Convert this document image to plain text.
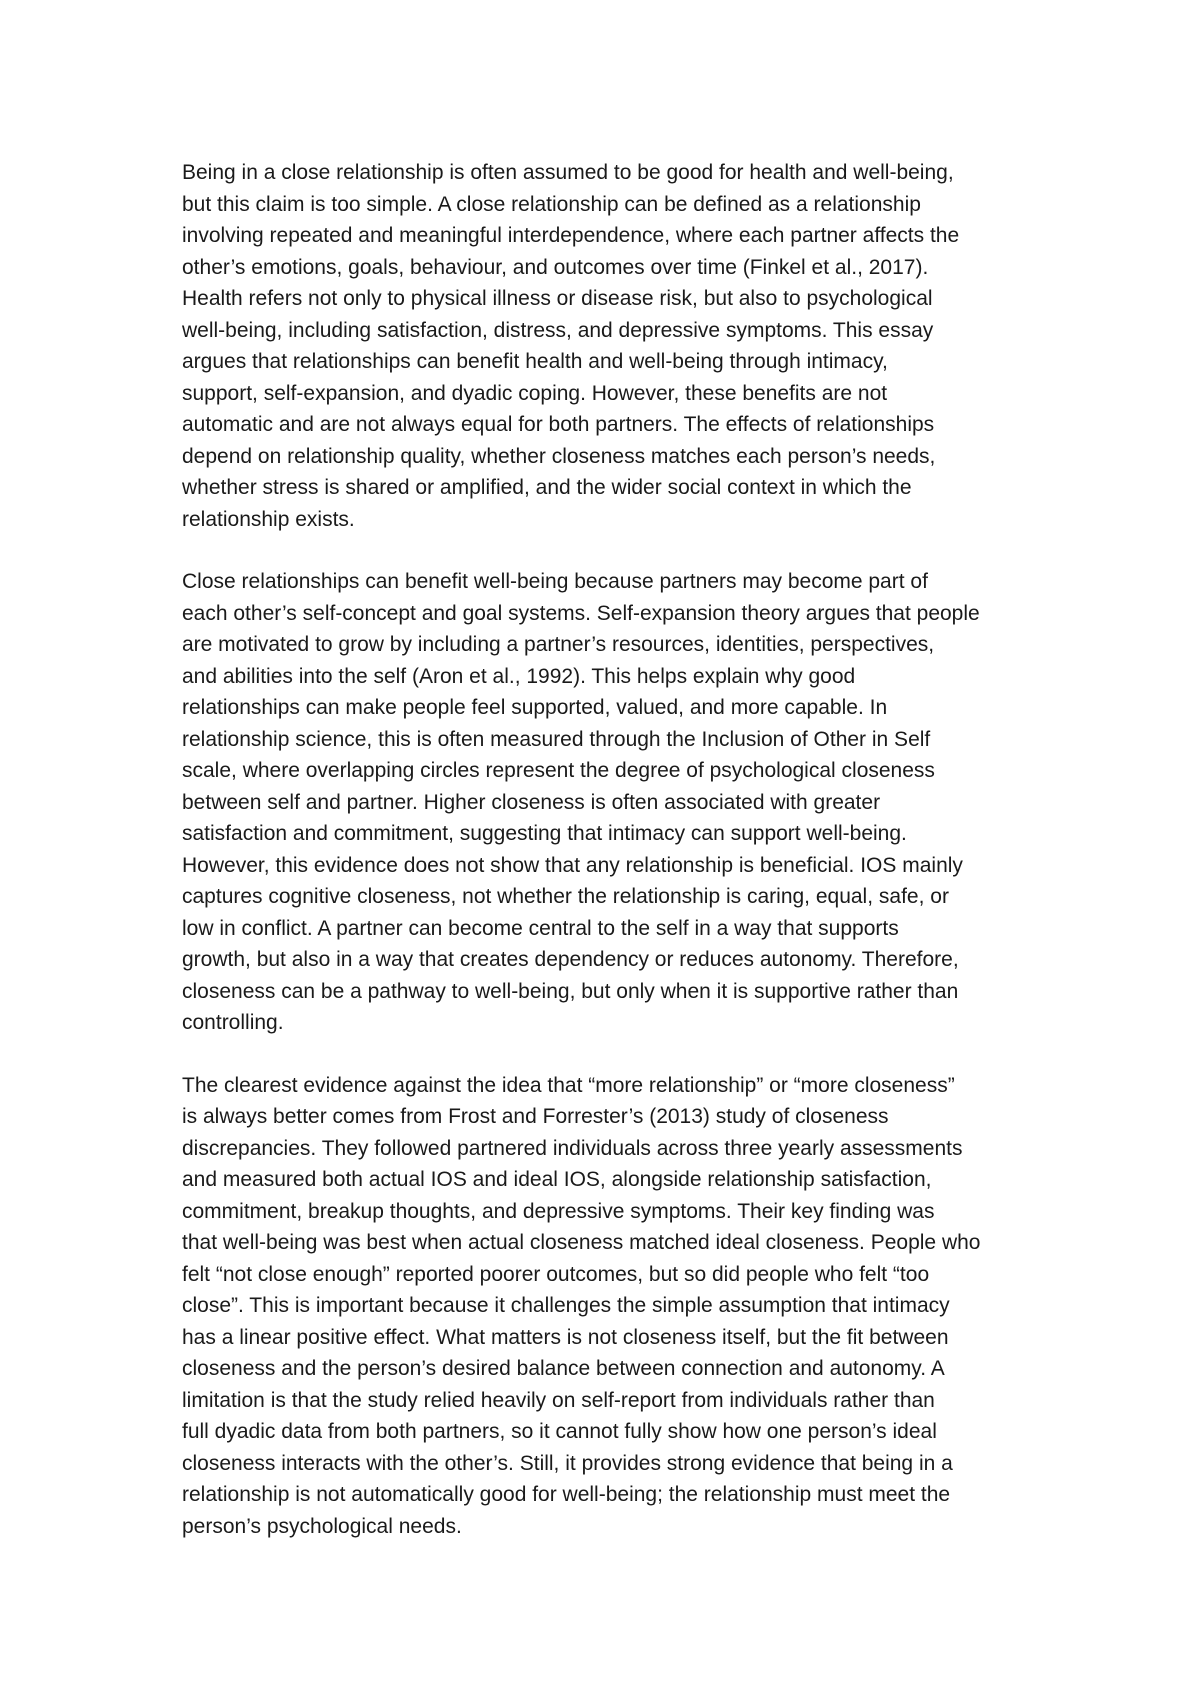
Being in a close relationship is often assumed to be good for health and well-being,
but this claim is too simple. A close relationship can be defined as a relationship
involving repeated and meaningful interdependence, where each partner affects the
other’s emotions, goals, behaviour, and outcomes over time (Finkel et al., 2017).
Health refers not only to physical illness or disease risk, but also to psychological
well-being, including satisfaction, distress, and depressive symptoms. This essay
argues that relationships can benefit health and well-being through intimacy,
support, self-expansion, and dyadic coping. However, these benefits are not
automatic and are not always equal for both partners. The effects of relationships
depend on relationship quality, whether closeness matches each person’s needs,
whether stress is shared or amplified, and the wider social context in which the
relationship exists.

Close relationships can benefit well-being because partners may become part of
each other’s self-concept and goal systems. Self-expansion theory argues that people
are motivated to grow by including a partner’s resources, identities, perspectives,
and abilities into the self (Aron et al., 1992). This helps explain why good
relationships can make people feel supported, valued, and more capable. In
relationship science, this is often measured through the Inclusion of Other in Self
scale, where overlapping circles represent the degree of psychological closeness
between self and partner. Higher closeness is often associated with greater
satisfaction and commitment, suggesting that intimacy can support well-being.
However, this evidence does not show that any relationship is beneficial. IOS mainly
captures cognitive closeness, not whether the relationship is caring, equal, safe, or
low in conflict. A partner can become central to the self in a way that supports
growth, but also in a way that creates dependency or reduces autonomy. Therefore,
closeness can be a pathway to well-being, but only when it is supportive rather than
controlling.

The clearest evidence against the idea that “more relationship” or “more closeness”
is always better comes from Frost and Forrester’s (2013) study of closeness
discrepancies. They followed partnered individuals across three yearly assessments
and measured both actual IOS and ideal IOS, alongside relationship satisfaction,
commitment, breakup thoughts, and depressive symptoms. Their key finding was
that well-being was best when actual closeness matched ideal closeness. People who
felt “not close enough” reported poorer outcomes, but so did people who felt “too
close”. This is important because it challenges the simple assumption that intimacy
has a linear positive effect. What matters is not closeness itself, but the fit between
closeness and the person’s desired balance between connection and autonomy. A
limitation is that the study relied heavily on self-report from individuals rather than
full dyadic data from both partners, so it cannot fully show how one person’s ideal
closeness interacts with the other’s. Still, it provides strong evidence that being in a
relationship is not automatically good for well-being; the relationship must meet the
person’s psychological needs.
